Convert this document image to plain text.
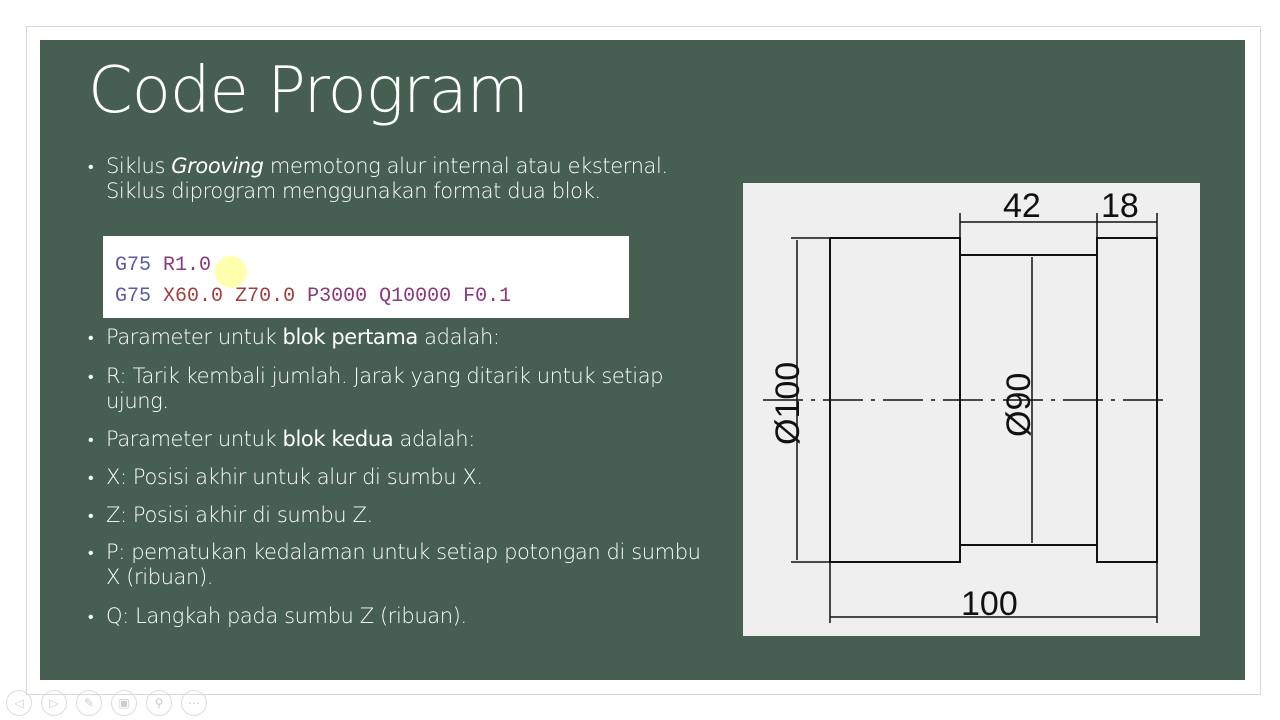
Code Program
• Siklus Grooving memotong alur internal atau eksternal. Siklus diprogram menggunakan format dua blok.
G75 R1.0
G75 X60.0 Z70.0 P3000 Q10000 F0.1
• Parameter untuk blok pertama adalah:
• R: Tarik kembali jumlah. Jarak yang ditarik untuk setiap ujung.
• Parameter untuk blok kedua adalah:
• X: Posisi akhir untuk alur di sumbu X.
• Z: Posisi akhir di sumbu Z.
• P: pematukan kedalaman untuk setiap potongan di sumbu X (ribuan).
• Q: Langkah pada sumbu Z (ribuan).
42 18
100
Ø100	Ø90
◁	▷	✎	▣	⚲	⋯
